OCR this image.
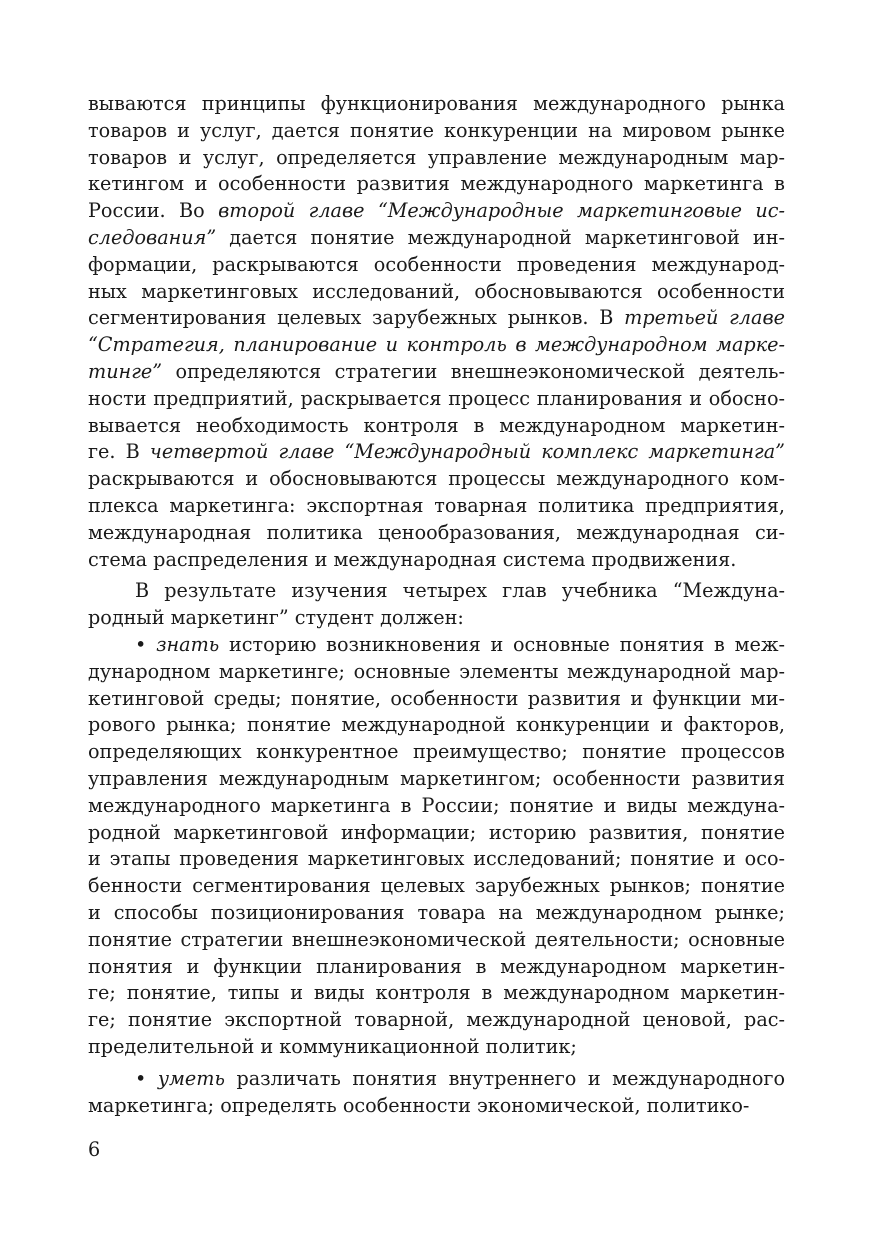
вываются принципы функционирования международного рынка
товаров и услуг, дается понятие конкуренции на мировом рынке
товаров и услуг, определяется управление международным мар-
кетингом и особенности развития международного маркетинга в
России. Во второй главе “Международные маркетинговые ис-
следования” дается понятие международной маркетинговой ин-
формации, раскрываются особенности проведения международ-
ных маркетинговых исследований, обосновываются особенности
сегментирования целевых зарубежных рынков. В третьей главе
“Стратегия, планирование и контроль в международном марке-
тинге” определяются стратегии внешнеэкономической деятель-
ности предприятий, раскрывается процесс планирования и обосно-
вывается необходимость контроля в международном маркетин-
ге. В четвертой главе “Международный комплекс маркетинга”
раскрываются и обосновываются процессы международного ком-
плекса маркетинга: экспортная товарная политика предприятия,
международная политика ценообразования, международная си-
стема распределения и международная система продвижения.
В результате изучения четырех глав учебника “Междуна-
родный маркетинг” студент должен:
• знать историю возникновения и основные понятия в меж-
дународном маркетинге; основные элементы международной мар-
кетинговой среды; понятие, особенности развития и функции ми-
рового рынка; понятие международной конкуренции и факторов,
определяющих конкурентное преимущество; понятие процессов
управления международным маркетингом; особенности развития
международного маркетинга в России; понятие и виды междуна-
родной маркетинговой информации; историю развития, понятие
и этапы проведения маркетинговых исследований; понятие и осо-
бенности сегментирования целевых зарубежных рынков; понятие
и способы позиционирования товара на международном рынке;
понятие стратегии внешнеэкономической деятельности; основные
понятия и функции планирования в международном маркетин-
ге; понятие, типы и виды контроля в международном маркетин-
ге; понятие экспортной товарной, международной ценовой, рас-
пределительной и коммуникационной политик;
• уметь различать понятия внутреннего и международного
маркетинга; определять особенности экономической, политико-
6
